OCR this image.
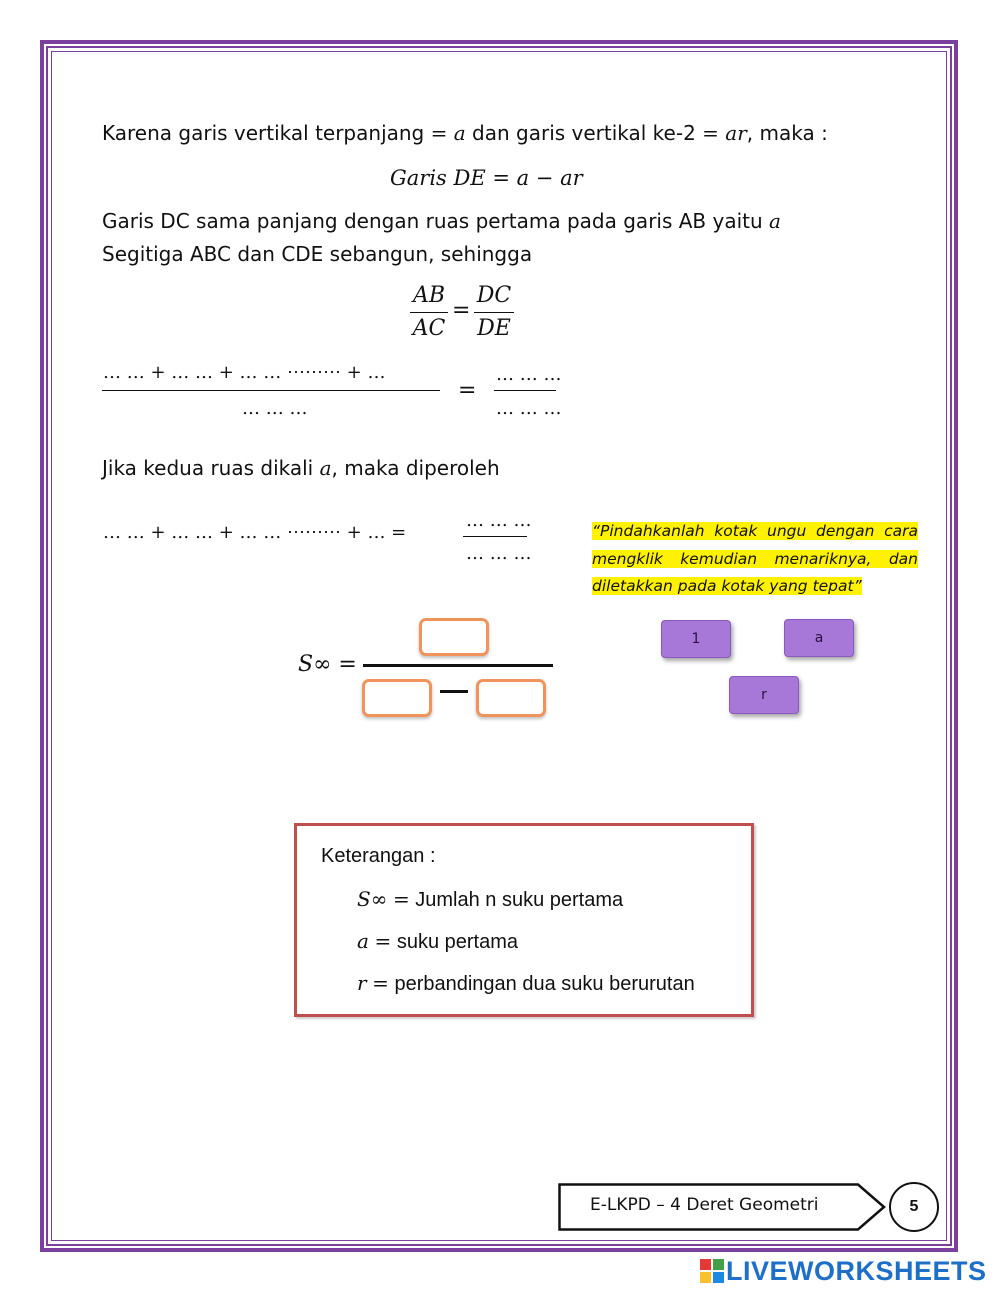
Karena garis vertikal terpanjang = a dan garis vertikal ke-2 = ar, maka :
Garis DE = a − ar
Garis DC sama panjang dengan ruas pertama pada garis AB yaitu a
Segitiga ABC dan CDE sebangun, sehingga
AB
AC
=
DC
DE
… … + … … + … … ⋯⋯⋯ + …
… … …
=
… … …
… … …
Jika kedua ruas dikali a, maka diperoleh
… … + … … + … … ⋯⋯⋯ + … =
… … …
… … …
“Pindahkanlah kotak ungu dengan cara mengklik kemudian menariknya, dan diletakkan pada kotak yang tepat”
S∞ =
1	a
r
Keterangan :
S∞ = Jumlah n suku pertama
a = suku pertama
r = perbandingan dua suku berurutan
E-LKPD – 4 Deret Geometri	5
LIVEWORKSHEETS
